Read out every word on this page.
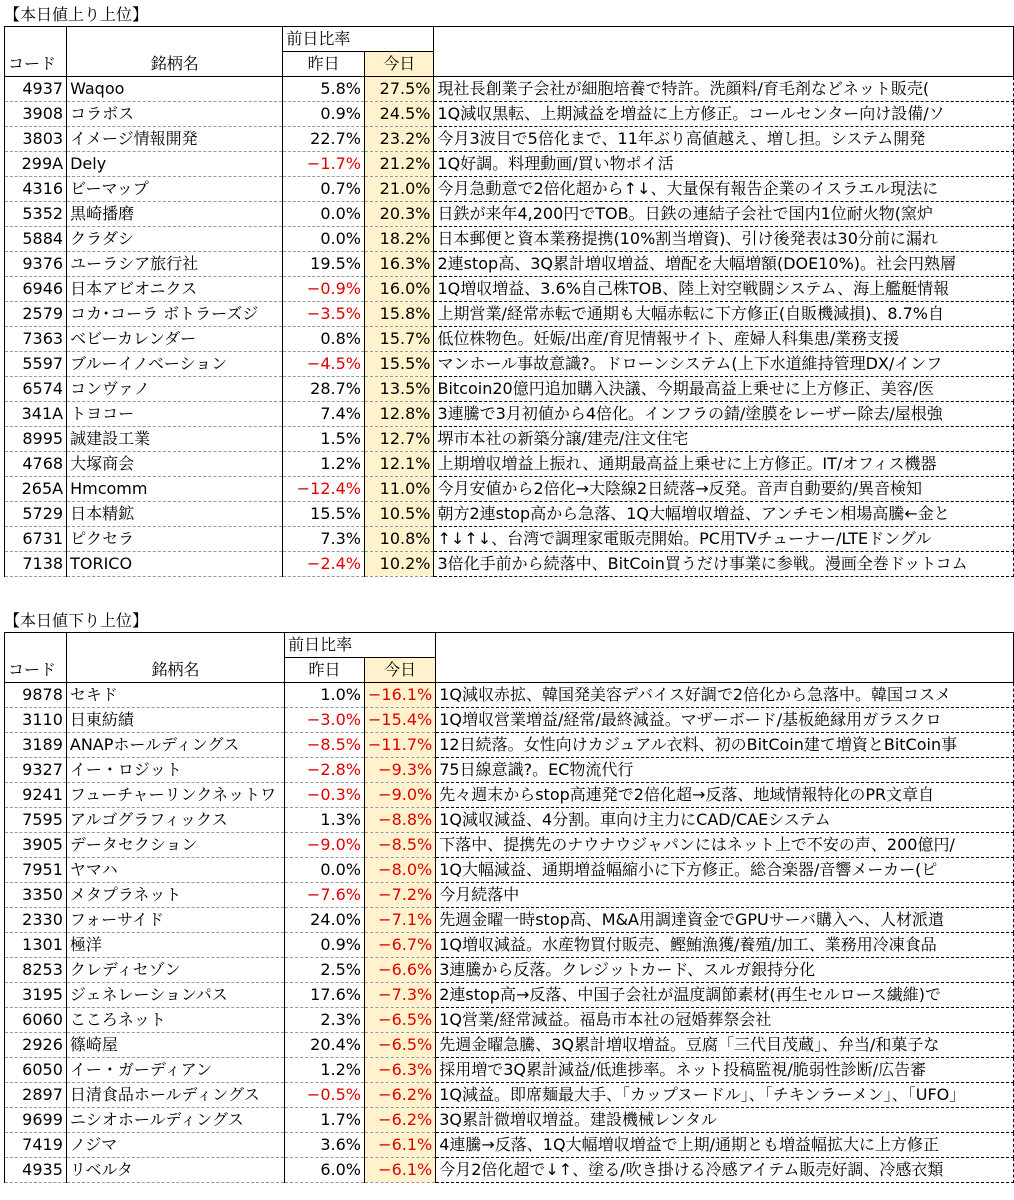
【本日値上り上位】
		前日比率		
コード	銘柄名	昨日	今日	
4937	Waqoo	5.8%	27.5%	現社長創業子会社が細胞培養で特許。洗顔料/育毛剤などネット販売(
3908	コラボス	0.9%	24.5%	1Q減収黒転、上期減益を増益に上方修正。コールセンター向け設備/ソ
3803	イメージ情報開発	22.7%	23.2%	今月3波目で5倍化まで、11年ぶり高値越え、増し担。システム開発
299A	Dely	−1.7%	21.2%	1Q好調。料理動画/買い物ポイ活
4316	ビーマップ	0.7%	21.0%	今月急動意で2倍化超から↑↓、大量保有報告企業のイスラエル現法に
5352	黒崎播磨	0.0%	20.3%	日鉄が来年4,200円でTOB。日鉄の連結子会社で国内1位耐火物(窯炉
5884	クラダシ	0.0%	18.2%	日本郵便と資本業務提携(10%割当増資)、引け後発表は30分前に漏れ
9376	ユーラシア旅行社	19.5%	16.3%	2連stop高、3Q累計増収増益、増配を大幅増額(DOE10%)。社会円熟層
6946	日本アビオニクス	−0.9%	16.0%	1Q増収増益、3.6%自己株TOB、陸上対空戦闘システム、海上艦艇情報
2579	コカ･コーラ ボトラーズジ	−3.5%	15.8%	上期営業/経常赤転で通期も大幅赤転に下方修正(自販機減損)、8.7%自
7363	ベビーカレンダー	0.8%	15.7%	低位株物色。妊娠/出産/育児情報サイト、産婦人科集患/業務支援
5597	ブルーイノベーション	−4.5%	15.5%	マンホール事故意識?。ドローンシステム(上下水道維持管理DX/インフ
6574	コンヴァノ	28.7%	13.5%	Bitcoin20億円追加購入決議、今期最高益上乗せに上方修正、美容/医
341A	トヨコー	7.4%	12.8%	3連騰で3月初値から4倍化。インフラの錆/塗膜をレーザー除去/屋根強
8995	誠建設工業	1.5%	12.7%	堺市本社の新築分譲/建売/注文住宅
4768	大塚商会	1.2%	12.1%	上期増収増益上振れ、通期最高益上乗せに上方修正。IT/オフィス機器
265A	Hmcomm	−12.4%	11.0%	今月安値から2倍化→大陰線2日続落→反発。音声自動要約/異音検知
5729	日本精鉱	15.5%	10.5%	朝方2連stop高から急落、1Q大幅増収増益、アンチモン相場高騰←金と
6731	ピクセラ	7.3%	10.8%	↑↓↑↓、台湾で調理家電販売開始。PC用TVチューナー/LTEドングル
7138	TORICO	−2.4%	10.2%	3倍化手前から続落中、BitCoin買うだけ事業に参戦。漫画全巻ドットコム
【本日値下り上位】
		前日比率		
コード	銘柄名	昨日	今日	
9878	セキド	1.0%	−16.1%	1Q減収赤拡、韓国発美容デバイス好調で2倍化から急落中。韓国コスメ
3110	日東紡績	−3.0%	−15.4%	1Q増収営業増益/経常/最終減益。マザーボード/基板絶縁用ガラスクロ
3189	ANAPホールディングス	−8.5%	−11.7%	12日続落。女性向けカジュアル衣料、初のBitCoin建て増資とBitCoin事
9327	イー・ロジット	−2.8%	−9.3%	75日線意識?。EC物流代行
9241	フューチャーリンクネットワ	−0.3%	−9.0%	先々週末からstop高連発で2倍化超→反落、地域情報特化のPR文章自
7595	アルゴグラフィックス	1.3%	−8.8%	1Q減収減益、4分割。車向け主力にCAD/CAEシステム
3905	データセクション	−9.0%	−8.5%	下落中、提携先のナウナウジャパンにはネット上で不安の声、200億円/
7951	ヤマハ	0.0%	−8.0%	1Q大幅減益、通期増益幅縮小に下方修正。総合楽器/音響メーカー(ピ
3350	メタプラネット	−7.6%	−7.2%	今月続落中
2330	フォーサイド	24.0%	−7.1%	先週金曜一時stop高、M&A用調達資金でGPUサーバ購入へ、人材派遣
1301	極洋	0.9%	−6.7%	1Q増収減益。水産物買付販売、鰹鮪漁獲/養殖/加工、業務用冷凍食品
8253	クレディセゾン	2.5%	−6.6%	3連騰から反落。クレジットカード、スルガ銀持分化
3195	ジェネレーションパス	17.6%	−7.3%	2連stop高→反落、中国子会社が温度調節素材(再生セルロース繊維)で
6060	こころネット	2.3%	−6.5%	1Q営業/経常減益。福島市本社の冠婚葬祭会社
2926	篠崎屋	20.4%	−6.5%	先週金曜急騰、3Q累計増収増益。豆腐「三代目茂蔵」、弁当/和菓子な
6050	イー・ガーディアン	1.2%	−6.3%	採用増で3Q累計減益/低進捗率。ネット投稿監視/脆弱性診断/広告審
2897	日清食品ホールディングス	−0.5%	−6.2%	1Q減益。即席麺最大手、「カップヌードル」、「チキンラーメン」、「UFO」
9699	ニシオホールディングス	1.7%	−6.2%	3Q累計微増収増益。建設機械レンタル
7419	ノジマ	3.6%	−6.1%	4連騰→反落、1Q大幅増収増益で上期/通期とも増益幅拡大に上方修正
4935	リベルタ	6.0%	−6.1%	今月2倍化超で↓↑、塗る/吹き掛ける冷感アイテム販売好調、冷感衣類
